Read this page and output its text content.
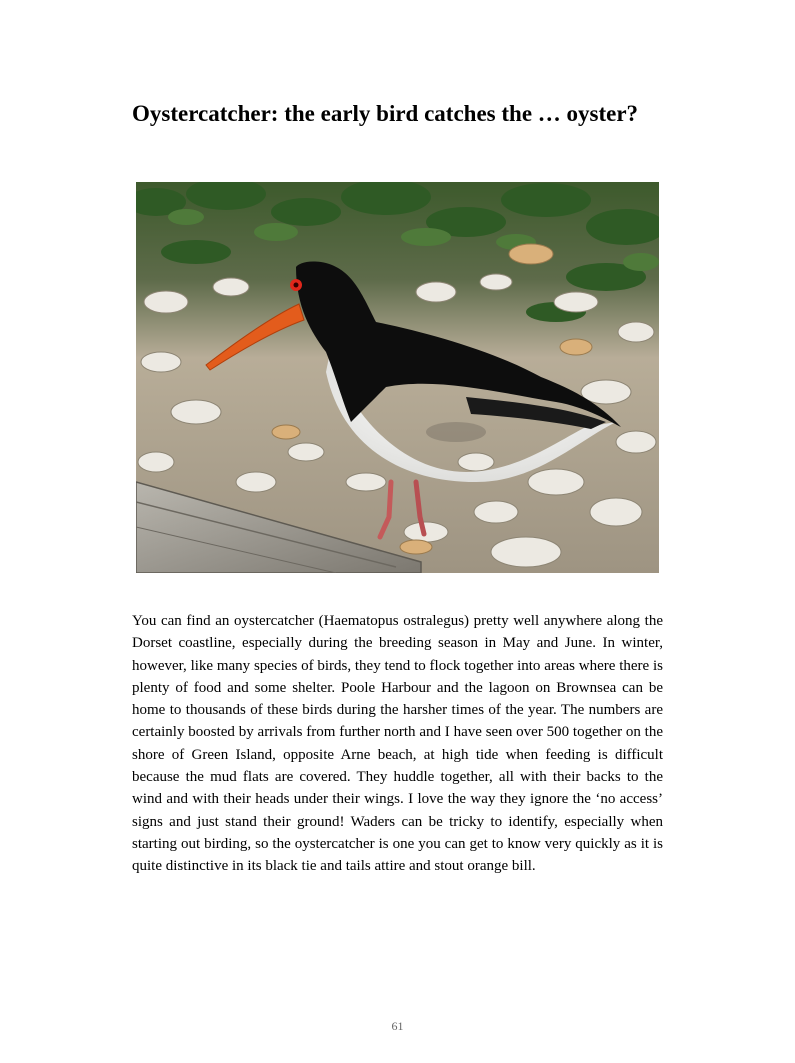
Oystercatcher: the early bird catches the … oyster?

You can find an oystercatcher (Haematopus ostralegus) pretty well anywhere along the Dorset coastline, especially during the breeding season in May and June. In winter, however, like many species of birds, they tend to flock together into areas where there is plenty of food and some shelter. Poole Harbour and the lagoon on Brownsea can be home to thousands of these birds during the harsher times of the year. The numbers are certainly boosted by arrivals from further north and I have seen over 500 together on the shore of Green Island, opposite Arne beach, at high tide when feeding is difficult because the mud flats are covered. They huddle together, all with their backs to the wind and with their heads under their wings. I love the way they ignore the ‘no access’ signs and just stand their ground! Waders can be tricky to identify, especially when starting out birding, so the oystercatcher is one you can get to know very quickly as it is quite distinctive in its black tie and tails attire and stout orange bill.

61
